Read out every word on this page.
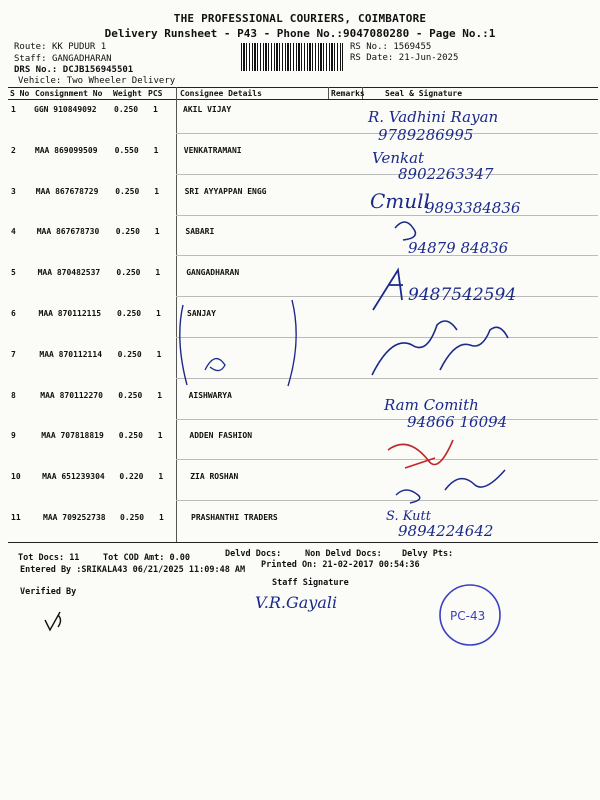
THE PROFESSIONAL COURIERS, COIMBATORE
Delivery Runsheet - P43 - Phone No.:9047080280 - Page No.:1
Route: KK PUDUR 1
Staff: GANGADHARAN
DRS No.: DCJB156945501
Vehicle: Two Wheeler Delivery
RS No.: 1569455
RS Date: 21-Jun-2025
S No Consignment No Weight PCS Consignee Details	Remarks	Seal & Signature
1 GGN 910849092 0.250 1	AKIL VIJAY
2 MAA 869099509 0.550 1	VENKATRAMANI
3 MAA 867678729 0.250 1	SRI AYYAPPAN ENGG
4	MAA 867678730 0.250 1	SABARI
5	MAA 870482537 0.250 1	GANGADHARAN
6	MAA 870112115 0.250 1	SANJAY
7	MAA 870112114 0.250 1
8	MAA 870112270 0.250 1	AISHWARYA
9	MAA 707818819 0.250 1	ADDEN FASHION
10	MAA 651239304 0.220 1	ZIA ROSHAN
11	MAA 709252738 0.250 1	PRASHANTHI TRADERS
Tot Docs: 11	Tot COD Amt: 0.00	Delvd Docs:	Non Delvd Docs: Delvy Pts:
Entered By :SRIKALA43 06/21/2025 11:09:48 AM Printed On: 21-02-2017 00:54:36
Staff Signature
Verified By
R. Vadhini Rayan
9789286995
Venkat
8902263347
Cmull
9893384836
94879 84836
9487542594
Ram Comith
94866 16094
S. Kutt
9894224642
V.R.Gayali
PC-43
